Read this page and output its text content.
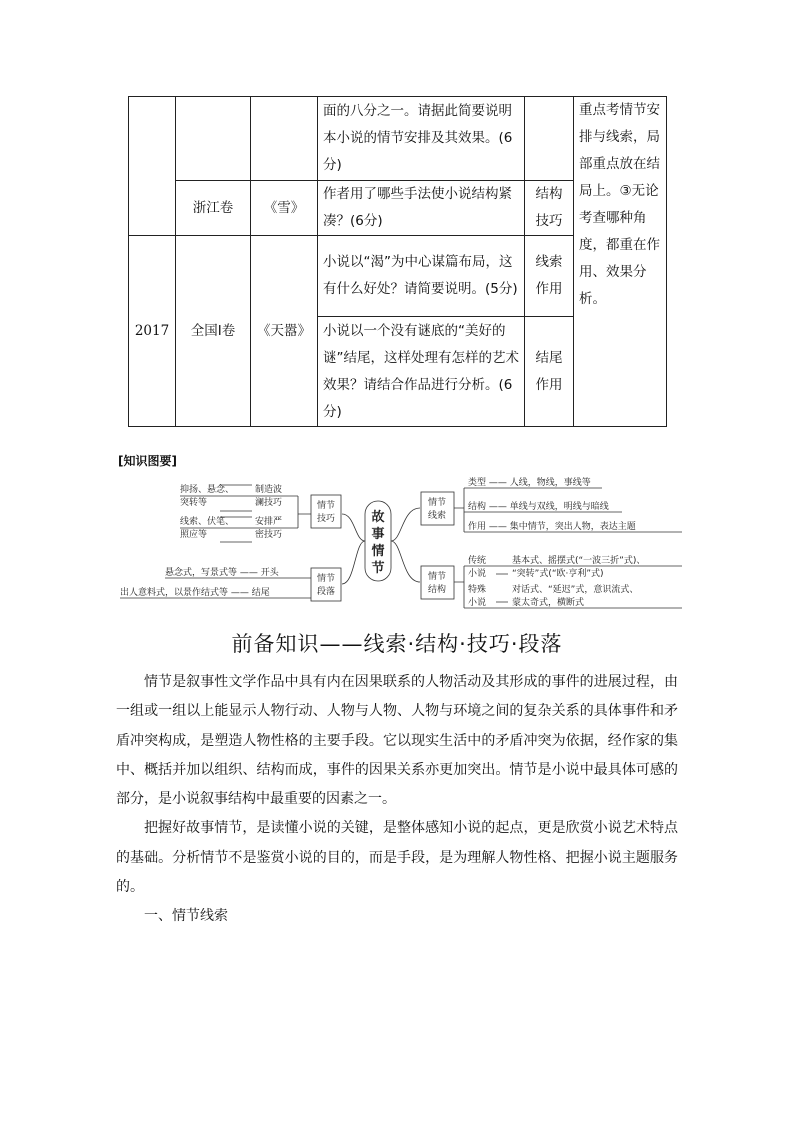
			面的八分之一。请据此简要说明本小说的情节安排及其效果。(6分)		重点考情节安排与线索，局部重点放在结局上。③无论考查哪种角度，都重在作用、效果分析。
	浙江卷	《雪》	作者用了哪些手法使小说结构紧凑？(6分)	结构技巧	
2017	全国Ⅰ卷	《天嚣》	小说以“渴”为中心谋篇布局，这有什么好处？请简要说明。(5分)	线索作用	
			小说以一个没有谜底的“美好的谜”结尾，这样处理有怎样的艺术效果？请结合作品进行分析。(6分)	结尾作用	
[知识图要]
故
事
情
节
情节
技巧
情节
段落
情节
线索
情节
结构
抑扬、悬念、
突转等
制造波
澜技巧
线索、伏笔、
照应等
安排严
密技巧
悬念式，写景式等 —— 开头
出人意料式，以景作结式等 —— 结尾
类型 —— 人线，物线，事线等
结构 —— 单线与双线，明线与暗线
作用 —— 集中情节，突出人物，表达主题
传统
小说
基本式、摇摆式(“一波三折”式)、
“突转”式(“欧·亨利”式)
特殊
小说
对话式、“延迟”式，意识流式、
蒙太奇式，横断式
前备知识——线索·结构·技巧·段落

情节是叙事性文学作品中具有内在因果联系的人物活动及其形成的事件的进展过程，由一组或一组以上能显示人物行动、人物与人物、人物与环境之间的复杂关系的具体事件和矛盾冲突构成，是塑造人物性格的主要手段。它以现实生活中的矛盾冲突为依据，经作家的集中、概括并加以组织、结构而成，事件的因果关系亦更加突出。情节是小说中最具体可感的部分，是小说叙事结构中最重要的因素之一。

把握好故事情节，是读懂小说的关键，是整体感知小说的起点，更是欣赏小说艺术特点的基础。分析情节不是鉴赏小说的目的，而是手段，是为理解人物性格、把握小说主题服务的。

一、情节线索
